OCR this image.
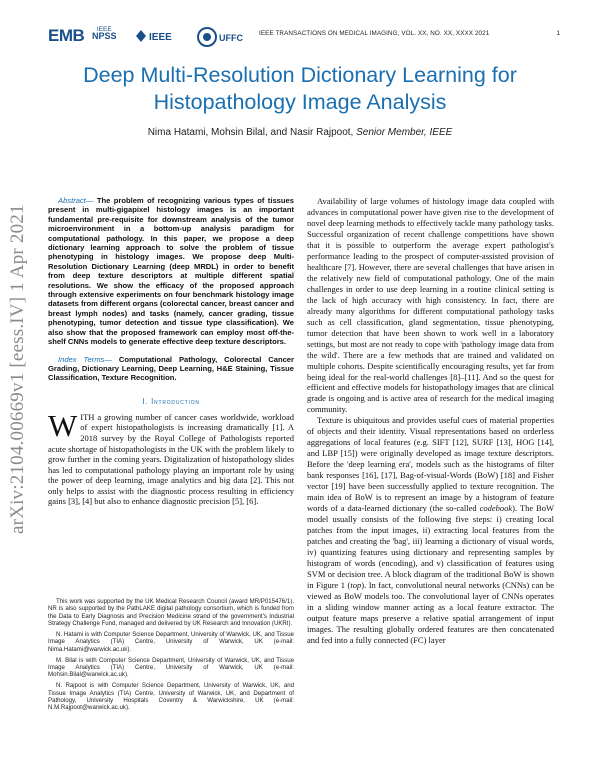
EMB	IEEE
NPSS	IEEE	UFFC	IEEE TRANSACTIONS ON MEDICAL IMAGING, VOL. XX, NO. XX, XXXX 2021	1
arXiv:2104.00669v1 [eess.IV] 1 Apr 2021
Deep Multi-Resolution Dictionary Learning for Histopathology Image Analysis
Nima Hatami, Mohsin Bilal, and Nasir Rajpoot, Senior Member, IEEE

Abstract— The problem of recognizing various types of tissues present in multi-gigapixel histology images is an important fundamental pre-requisite for downstream analysis of the tumor microenvironment in a bottom-up analysis paradigm for computational pathology. In this paper, we propose a deep dictionary learning approach to solve the problem of tissue phenotyping in histology images. We propose deep Multi-Resolution Dictionary Learning (deep MRDL) in order to benefit from deep texture descriptors at multiple different spatial resolutions. We show the efficacy of the proposed approach through extensive experiments on four benchmark histology image datasets from different organs (colorectal cancer, breast cancer and breast lymph nodes) and tasks (namely, cancer grading, tissue phenotyping, tumor detection and tissue type classification). We also show that the proposed framework can employ most off-the-shelf CNNs models to generate effective deep texture descriptors.

Index Terms— Computational Pathology, Colorectal Cancer Grading, Dictionary Learning, Deep Learning, H&E Staining, Tissue Classification, Texture Recognition.

I. Introduction

WITH a growing number of cancer cases worldwide, workload of expert histopathologists is increasing dramatically [1]. A 2018 survey by the Royal College of Pathologists reported acute shortage of histopathologists in the UK with the problem likely to grow further in the coming years. Digitalization of histopathology slides has led to computational pathology playing an important role by using the power of deep learning, image analytics and big data [2]. This not only helps to assist with the diagnostic process resulting in efficiency gains [3], [4] but also to enhance diagnostic precision [5], [6].

This work was supported by the UK Medical Research Council (award MR/P015476/1). NR is also supported by the PathLAKE digital pathology consortium, which is funded from the Data to Early Diagnosis and Precision Medicine strand of the government's Industrial Strategy Challenge Fund, managed and delivered by UK Research and Innovation (UKRI).

N. Hatami is with Computer Science Department, University of Warwick, UK, and Tissue Image Analytics (TIA) Centre, University of Warwick, UK (e-mail: Nima.Hatami@warwick.ac.uk).

M. Bilal is with Computer Science Department, University of Warwick, UK, and Tissue Image Analytics (TIA) Centre, University of Warwick, UK (e-mail: Mohsin.Bilal@warwick.ac.uk).

N. Rajpoot is with Computer Science Department, University of Warwick, UK, and Tissue Image Analytics (TIA) Centre, University of Warwick, UK, and Department of Pathology, University Hospitals Coventry & Warwickshire, UK (e-mail: N.M.Rajpoot@warwick.ac.uk).

Availability of large volumes of histology image data coupled with advances in computational power have given rise to the development of novel deep learning methods to effectively tackle many pathology tasks. Successful organization of recent challenge competitions have shown that it is possible to outperform the average expert pathologist's performance leading to the prospect of computer-assisted provision of healthcare [7]. However, there are several challenges that have arisen in the relatively new field of computational pathology. One of the main challenges in order to use deep learning in a routine clinical setting is the lack of high accuracy with high consistency. In fact, there are already many algorithms for different computational pathology tasks such as cell classification, gland segmentation, tissue phenotyping, tumor detection that have been shown to work well in a laboratory settings, but most are not ready to cope with 'pathology image data from the wild'. There are a few methods that are trained and validated on multiple cohorts. Despite scientifically encouraging results, yet far from being ideal for the real-world challenges [8]–[11]. And so the quest for efficient and effective models for histopathology images that are clinical grade is ongoing and is active area of research for the medical imaging community.

Texture is ubiquitous and provides useful cues of material properties of objects and their identity. Visual representations based on orderless aggregations of local features (e.g. SIFT [12], SURF [13], HOG [14], and LBP [15]) were originally developed as image texture descriptors. Before the 'deep learning era', models such as the histograms of filter bank responses [16], [17], Bag-of-visual-Words (BoW) [18] and Fisher vector [19] have been successfully applied to texture recognition. The main idea of BoW is to represent an image by a histogram of feature words of a data-learned dictionary (the so-called codebook). The BoW model usually consists of the following five steps: i) creating local patches from the input images, ii) extracting local features from the patches and creating the 'bag', iii) learning a dictionary of visual words, iv) quantizing features using dictionary and representing samples by histogram of words (encoding), and v) classification of features using SVM or decision tree. A block diagram of the traditional BoW is shown in Figure 1 (top). In fact, convolutional neural networks (CNNs) can be viewed as BoW models too. The convolutional layer of CNNs operates in a sliding window manner acting as a local feature extractor. The output feature maps preserve a relative spatial arrangement of input images. The resulting globally ordered features are then concatenated and fed into a fully connected (FC) layer
